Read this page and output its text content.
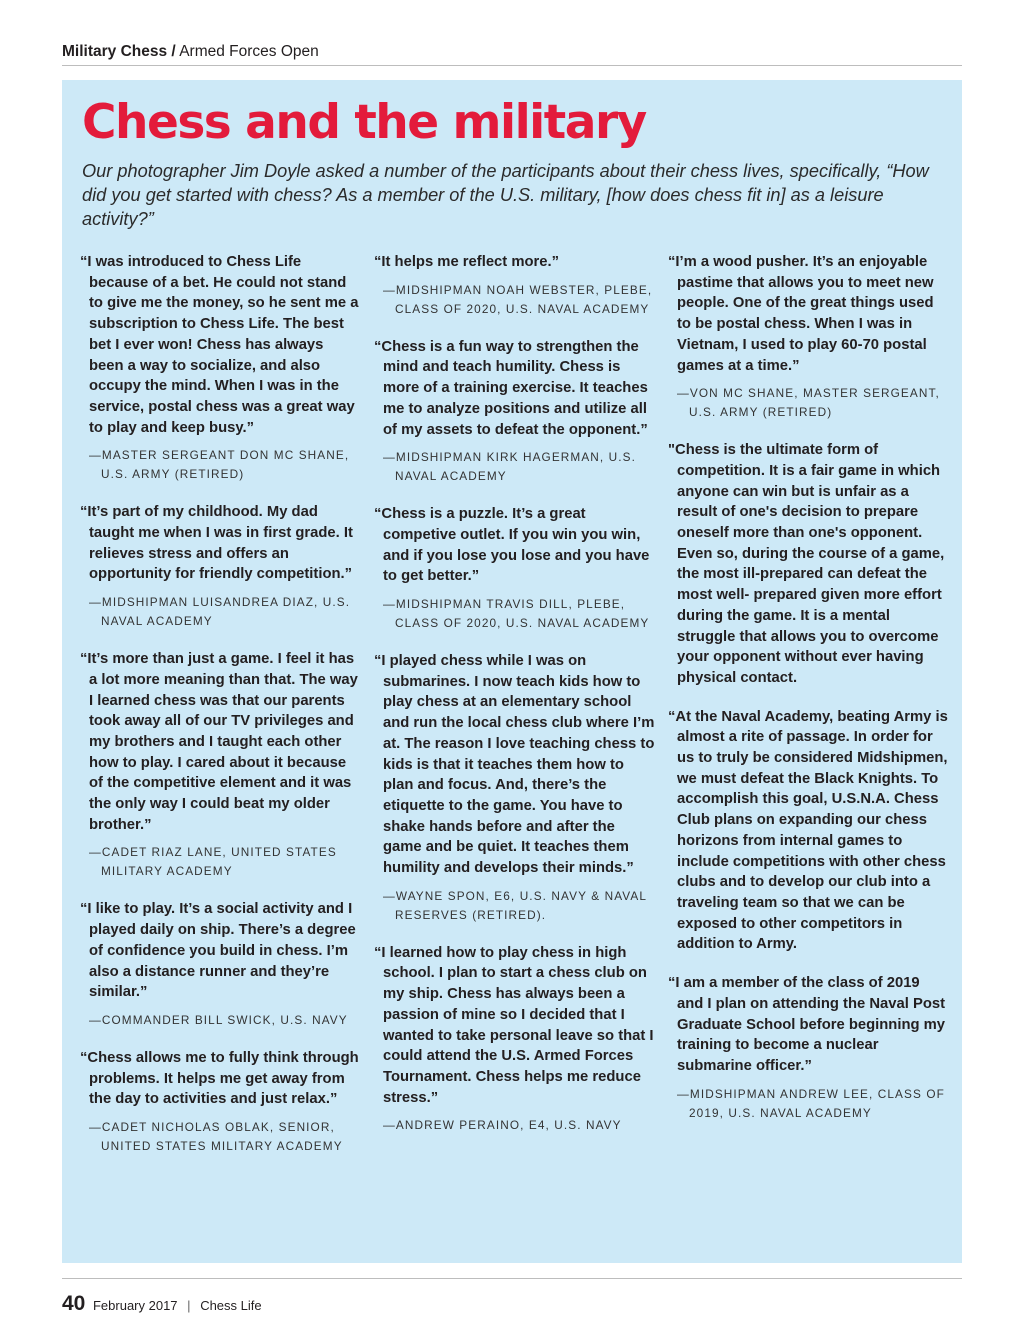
Military Chess / Armed Forces Open
Chess and the military

Our photographer Jim Doyle asked a number of the participants about their chess lives, specifically, “How did you get started with chess? As a member of the U.S. military, [how does chess fit in] as a leisure activity?”

“I was introduced to Chess Life because of a bet. He could not stand to give me the money, so he sent me a subscription to Chess Life. The best bet I ever won! Chess has always been a way to socialize, and also occupy the mind. When I was in the service, postal chess was a great way to play and keep busy.”

—MASTER SERGEANT DON MC SHANE, U.S. ARMY (RETIRED)

“It’s part of my childhood. My dad taught me when I was in first grade. It relieves stress and offers an opportunity for friendly competition.”

—MIDSHIPMAN LUISANDREA DIAZ, U.S. NAVAL ACADEMY

“It’s more than just a game. I feel it has a lot more meaning than that. The way I learned chess was that our parents took away all of our TV privileges and my brothers and I taught each other how to play. I cared about it because of the competitive element and it was the only way I could beat my older brother.”

—CADET RIAZ LANE, UNITED STATES MILITARY ACADEMY

“I like to play. It’s a social activity and I played daily on ship. There’s a degree of confidence you build in chess. I’m also a distance runner and they’re similar.”

—COMMANDER BILL SWICK, U.S. NAVY

“Chess allows me to fully think through problems. It helps me get away from the day to activities and just relax.”

—CADET NICHOLAS OBLAK, SENIOR, UNITED STATES MILITARY ACADEMY

“It helps me reflect more.”

—MIDSHIPMAN NOAH WEBSTER, PLEBE, CLASS OF 2020, U.S. NAVAL ACADEMY

“Chess is a fun way to strengthen the mind and teach humility. Chess is more of a training exercise. It teaches me to analyze positions and utilize all of my assets to defeat the opponent.”

—MIDSHIPMAN KIRK HAGERMAN, U.S. NAVAL ACADEMY

“Chess is a puzzle. It’s a great competive outlet. If you win you win, and if you lose you lose and you have to get better.”

—MIDSHIPMAN TRAVIS DILL, PLEBE, CLASS OF 2020, U.S. NAVAL ACADEMY

“I played chess while I was on submarines. I now teach kids how to play chess at an elementary school and run the local chess club where I’m at. The reason I love teaching chess to kids is that it teaches them how to plan and focus. And, there’s the etiquette to the game. You have to shake hands before and after the game and be quiet. It teaches them humility and develops their minds.”

—WAYNE SPON, E6, U.S. NAVY & NAVAL RESERVES (RETIRED).

“I learned how to play chess in high school. I plan to start a chess club on my ship. Chess has always been a passion of mine so I decided that I wanted to take personal leave so that I could attend the U.S. Armed Forces Tournament. Chess helps me reduce stress.”

—ANDREW PERAINO, E4, U.S. NAVY

“I’m a wood pusher. It’s an enjoyable pastime that allows you to meet new people. One of the great things used to be postal chess. When I was in Vietnam, I used to play 60-70 postal games at a time.”

—VON MC SHANE, MASTER SERGEANT, U.S. ARMY (RETIRED)

"Chess is the ultimate form of competition. It is a fair game in which anyone can win but is unfair as a result of one's decision to prepare oneself more than one's opponent. Even so, during the course of a game, the most ill-prepared can defeat the most well- prepared given more effort during the game. It is a mental struggle that allows you to overcome your opponent without ever having physical contact.

“At the Naval Academy, beating Army is almost a rite of passage. In order for us to truly be considered Midshipmen, we must defeat the Black Knights. To accomplish this goal, U.S.N.A. Chess Club plans on expanding our chess horizons from internal games to include competitions with other chess clubs and to develop our club into a traveling team so that we can be exposed to other competitors in addition to Army.

“I am a member of the class of 2019 and I plan on attending the Naval Post Graduate School before beginning my training to become a nuclear submarine officer.”

—MIDSHIPMAN ANDREW LEE, CLASS OF 2019, U.S. NAVAL ACADEMY

40 February 2017 | Chess Life
